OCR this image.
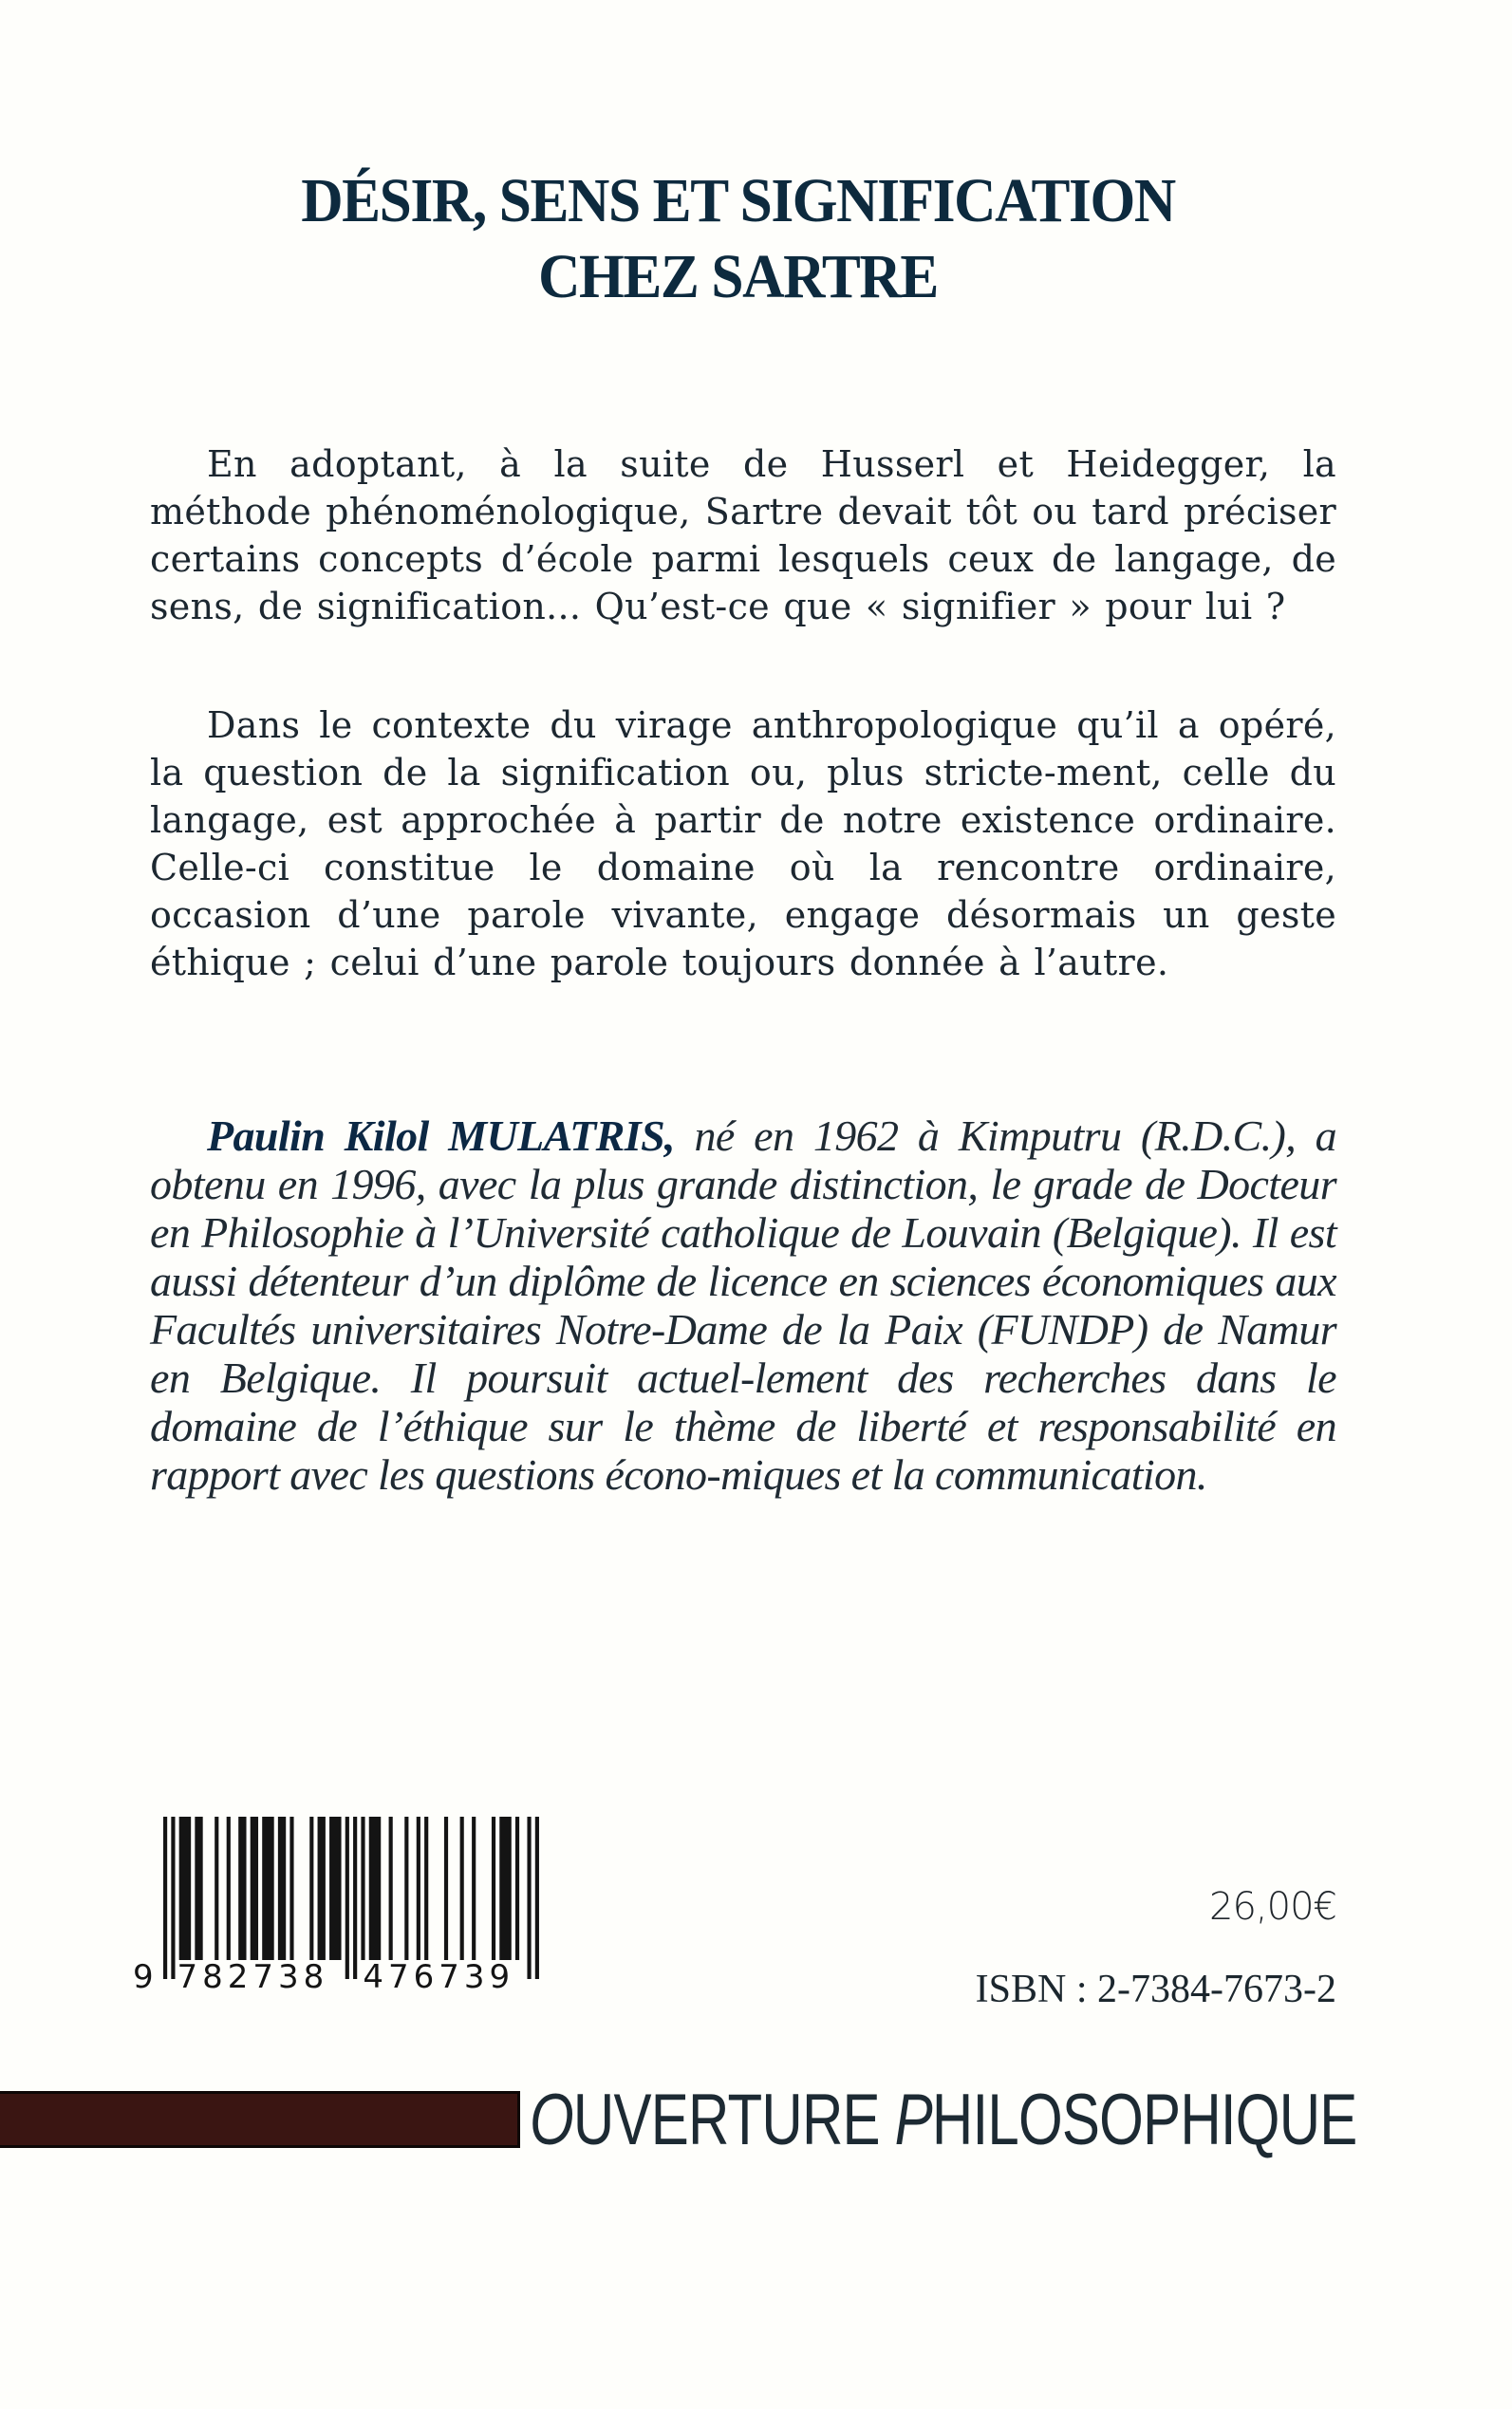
DÉSIR, SENS ET SIGNIFICATION
CHEZ SARTRE

En adoptant, à la suite de Husserl et Heidegger, la méthode phénoménologique, Sartre devait tôt ou tard préciser certains concepts d’école parmi lesquels ceux de langage, de sens, de signification... Qu’est-ce que « signifier » pour lui ?

Dans le contexte du virage anthropologique qu’il a opéré, la question de la signification ou, plus stricte-ment, celle du langage, est approchée à partir de notre existence ordinaire. Celle-ci constitue le domaine où la rencontre ordinaire, occasion d’une parole vivante, engage désormais un geste éthique ; celui d’une parole toujours donnée à l’autre.

Paulin Kilol MULATRIS, né en 1962 à Kimputru (R.D.C.), a obtenu en 1996, avec la plus grande distinction, le grade de Docteur en Philosophie à l’Université catholique de Louvain (Belgique). Il est aussi détenteur d’un diplôme de licence en sciences économiques aux Facultés universitaires Notre-Dame de la Paix (FUNDP) de Namur en Belgique. Il poursuit actuel-lement des recherches dans le domaine de l’éthique sur le thème de liberté et responsabilité en rapport avec les questions écono-miques et la communication.

9 782738 476739

26,00€

ISBN : 2-7384-7673-2

OUVERTURE PHILOSOPHIQUE
